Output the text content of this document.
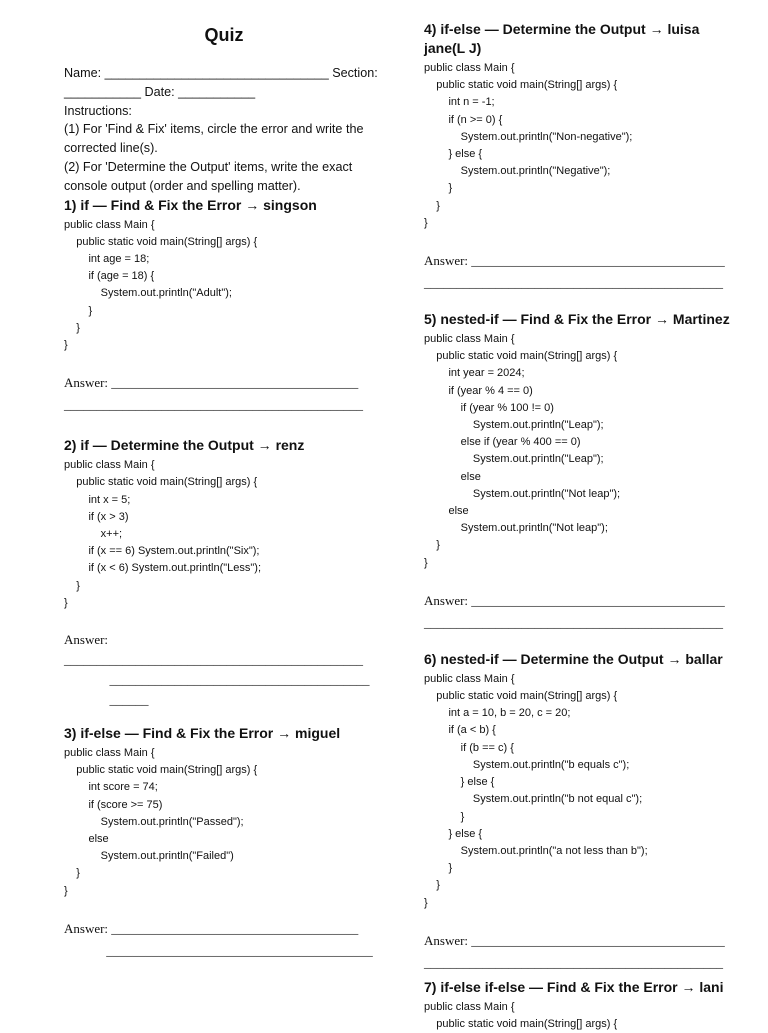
Quiz

Name: ________________________________ Section:

___________ Date: ___________

Instructions:

(1) For 'Find & Fix' items, circle the error and write the corrected line(s).

(2) For 'Determine the Output' items, write the exact console output (order and spelling matter).

1) if — Find & Fix the Error → singson

public class Main {
public static void main(String[] args) {
int age = 18;
if (age = 18) {
System.out.println("Adult");
}
}
}

Answer: ______________________________________
______________________________________________

2) if — Determine the Output → renz

public class Main {
public static void main(String[] args) {
int x = 5;
if (x > 3)
x++;
if (x == 6) System.out.println("Six");
if (x < 6) System.out.println("Less");
}
}

Answer:
______________________________________________
________________________________________
______

3) if-else — Find & Fix the Error → miguel

public class Main {
public static void main(String[] args) {
int score = 74;
if (score >= 75)
System.out.println("Passed");
else
System.out.println("Failed")
}
}

Answer: ______________________________________
_________________________________________

4) if-else — Determine the Output → luisa jane(L J)

public class Main {
public static void main(String[] args) {
int n = -1;
if (n >= 0) {
System.out.println("Non-negative");
} else {
System.out.println("Negative");
}
}
}

Answer: _______________________________________
______________________________________________

5) nested-if — Find & Fix the Error → Martinez

public class Main {
public static void main(String[] args) {
int year = 2024;
if (year % 4 == 0)
if (year % 100 != 0)
System.out.println("Leap");
else if (year % 400 == 0)
System.out.println("Leap");
else
System.out.println("Not leap");
else
System.out.println("Not leap");
}
}

Answer: _______________________________________
______________________________________________

6) nested-if — Determine the Output → ballar

public class Main {
public static void main(String[] args) {
int a = 10, b = 20, c = 20;
if (a < b) {
if (b == c) {
System.out.println("b equals c");
} else {
System.out.println("b not equal c");
}
} else {
System.out.println("a not less than b");
}
}
}

Answer: _______________________________________
______________________________________________

7) if-else if-else — Find & Fix the Error → lani

public class Main {
public static void main(String[] args) {
